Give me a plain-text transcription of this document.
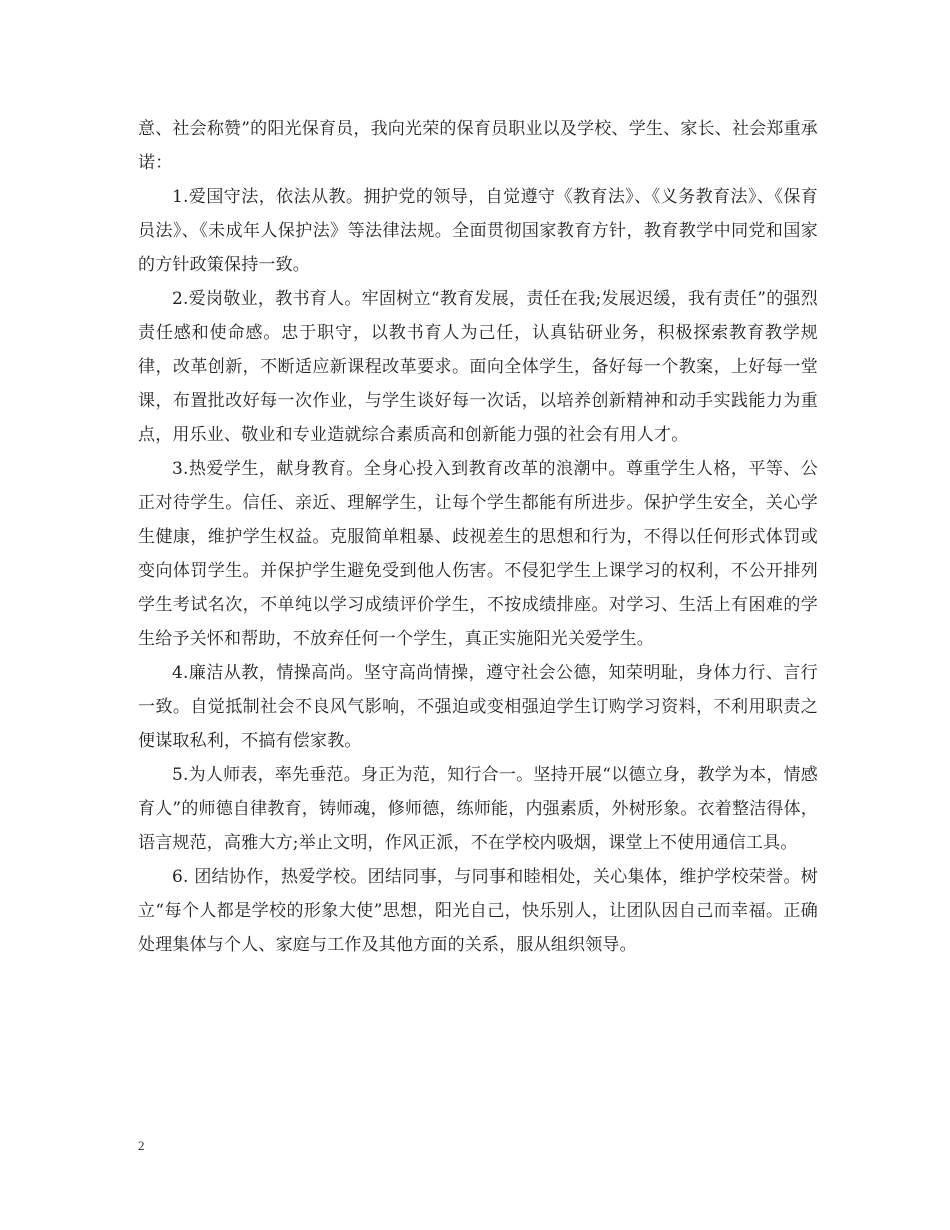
意、社会称赞”的阳光保育员，我向光荣的保育员职业以及学校、学生、家长、社会郑重承诺：

1.爱国守法，依法从教。拥护党的领导，自觉遵守《教育法》、《义务教育法》、《保育员法》、《未成年人保护法》等法律法规。全面贯彻国家教育方针，教育教学中同党和国家的方针政策保持一致。

2.爱岗敬业，教书育人。牢固树立“教育发展，责任在我;发展迟缓，我有责任”的强烈责任感和使命感。忠于职守，以教书育人为己任，认真钻研业务，积极探索教育教学规律，改革创新，不断适应新课程改革要求。面向全体学生，备好每一个教案，上好每一堂课，布置批改好每一次作业，与学生谈好每一次话，以培养创新精神和动手实践能力为重点，用乐业、敬业和专业造就综合素质高和创新能力强的社会有用人才。

3.热爱学生，献身教育。全身心投入到教育改革的浪潮中。尊重学生人格，平等、公正对待学生。信任、亲近、理解学生，让每个学生都能有所进步。保护学生安全，关心学生健康，维护学生权益。克服简单粗暴、歧视差生的思想和行为，不得以任何形式体罚或变向体罚学生。并保护学生避免受到他人伤害。不侵犯学生上课学习的权利，不公开排列学生考试名次，不单纯以学习成绩评价学生，不按成绩排座。对学习、生活上有困难的学生给予关怀和帮助，不放弃任何一个学生，真正实施阳光关爱学生。

4.廉洁从教，情操高尚。坚守高尚情操，遵守社会公德，知荣明耻，身体力行、言行一致。自觉抵制社会不良风气影响，不强迫或变相强迫学生订购学习资料，不利用职责之便谋取私利，不搞有偿家教。

5.为人师表，率先垂范。身正为范，知行合一。坚持开展“以德立身，教学为本，情感育人”的师德自律教育，铸师魂，修师德，练师能，内强素质，外树形象。衣着整洁得体，语言规范，高雅大方;举止文明，作风正派，不在学校内吸烟，课堂上不使用通信工具。

6. 团结协作，热爱学校。团结同事，与同事和睦相处，关心集体，维护学校荣誉。树立“每个人都是学校的形象大使”思想，阳光自己，快乐别人，让团队因自己而幸福。正确处理集体与个人、家庭与工作及其他方面的关系，服从组织领导。

2
